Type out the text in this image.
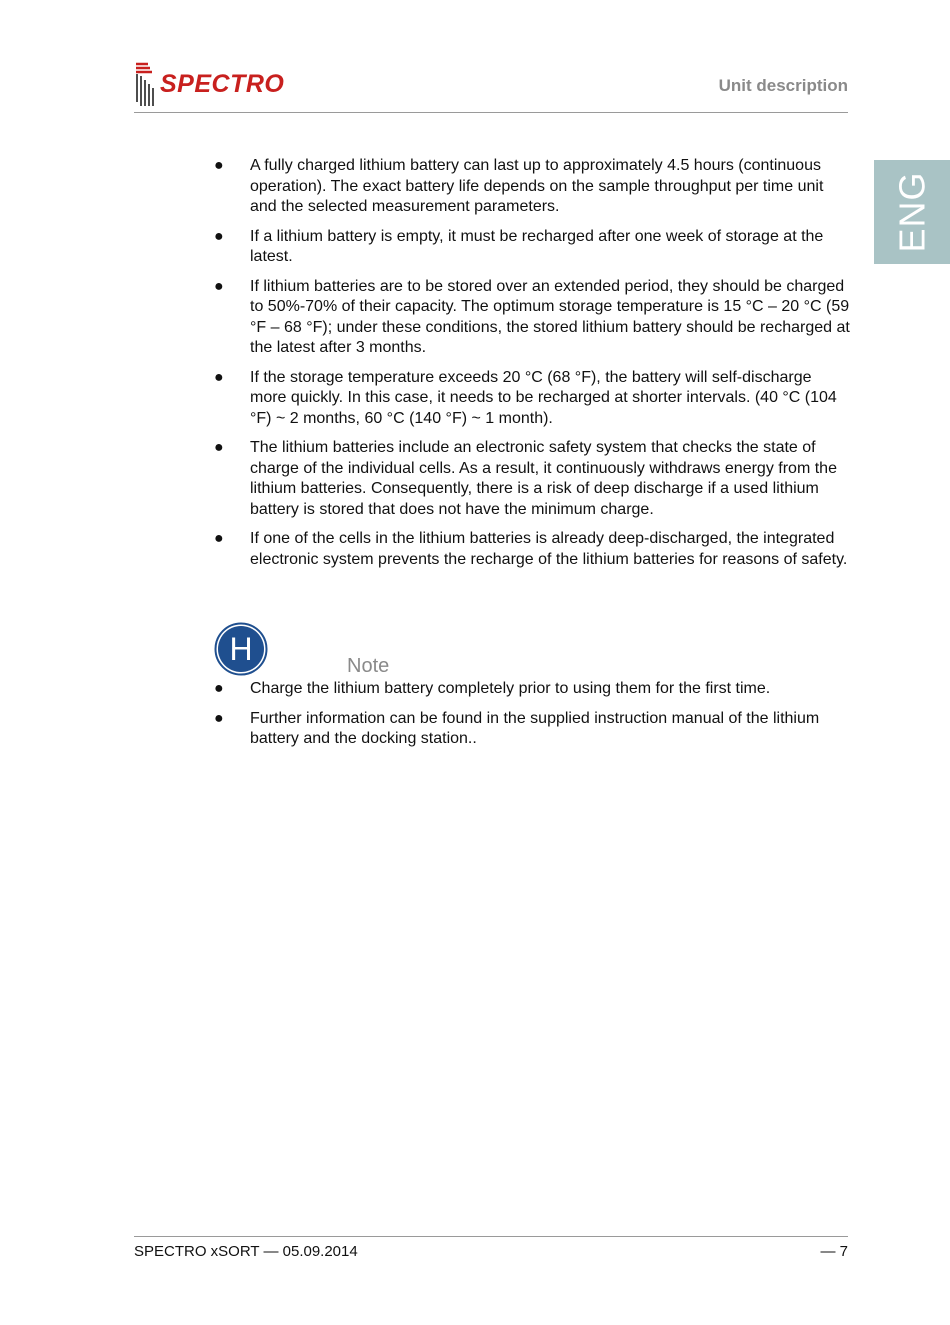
SPECTRO	Unit description
ENG
● A fully charged lithium battery can last up to approximately 4.5 hours (continuous operation). The exact battery life depends on the sample throughput per time unit and the selected measurement parameters.
● If a lithium battery is empty, it must be recharged after one week of storage at the latest.
● If lithium batteries are to be stored over an extended period, they should be charged to 50%-70% of their capacity. The optimum storage temperature is 15 °C – 20 °C (59 °F – 68 °F); under these conditions, the stored lithium battery should be recharged at the latest after 3 months.
● If the storage temperature exceeds 20 °C (68 °F), the battery will self-discharge more quickly. In this case, it needs to be recharged at shorter intervals. (40 °C (104 °F) ~ 2 months, 60 °C (140 °F) ~ 1 month).
● The lithium batteries include an electronic safety system that checks the state of charge of the individual cells. As a result, it continuously withdraws energy from the lithium batteries. Consequently, there is a risk of deep discharge if a used lithium battery is stored that does not have the minimum charge.
● If one of the cells in the lithium batteries is already deep-discharged, the integrated electronic system prevents the recharge of the lithium batteries for reasons of safety.
H	Note
● Charge the lithium battery completely prior to using them for the first time.
● Further information can be found in the supplied instruction manual of the lithium battery and the docking station..
SPECTRO xSORT — 05.09.2014	— 7
